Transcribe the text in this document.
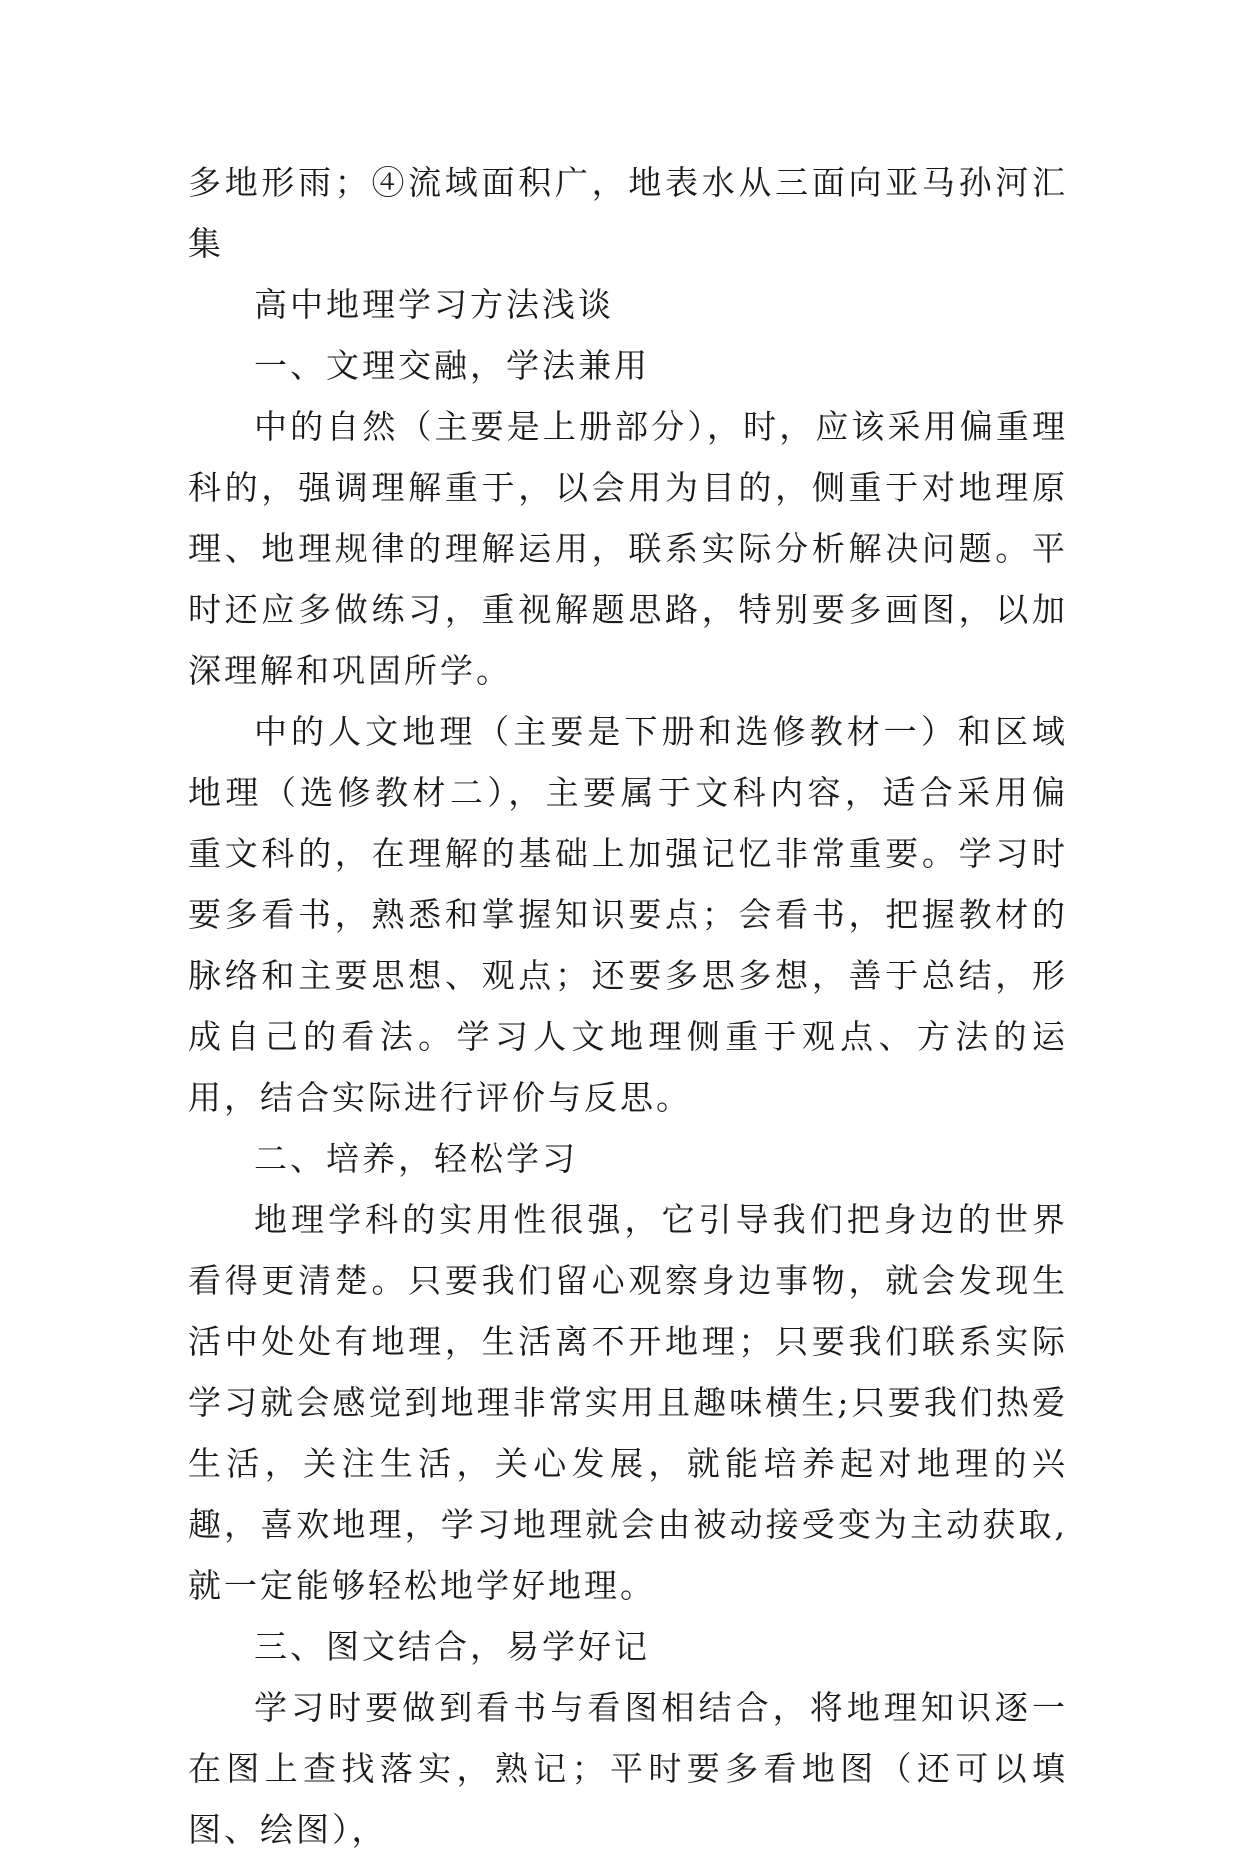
多地形雨；④流域面积广，地表水从三面向亚马孙河汇集

高中地理学习方法浅谈

一、文理交融，学法兼用

中的自然（主要是上册部分），时，应该采用偏重理科的，强调理解重于，以会用为目的，侧重于对地理原理、地理规律的理解运用，联系实际分析解决问题。平时还应多做练习，重视解题思路，特别要多画图，以加深理解和巩固所学。

中的人文地理（主要是下册和选修教材一）和区域地理（选修教材二），主要属于文科内容，适合采用偏重文科的，在理解的基础上加强记忆非常重要。学习时要多看书，熟悉和掌握知识要点；会看书，把握教材的脉络和主要思想、观点；还要多思多想，善于总结，形成自己的看法。学习人文地理侧重于观点、方法的运用，结合实际进行评价与反思。

二、培养，轻松学习

地理学科的实用性很强，它引导我们把身边的世界看得更清楚。只要我们留心观察身边事物，就会发现生活中处处有地理，生活离不开地理；只要我们联系实际学习就会感觉到地理非常实用且趣味横生;只要我们热爱生活，关注生活，关心发展，就能培养起对地理的兴趣，喜欢地理，学习地理就会由被动接受变为主动获取,就一定能够轻松地学好地理。

三、图文结合，易学好记

学习时要做到看书与看图相结合，将地理知识逐一在图上查找落实，熟记；平时要多看地图（还可以填图、绘图），
